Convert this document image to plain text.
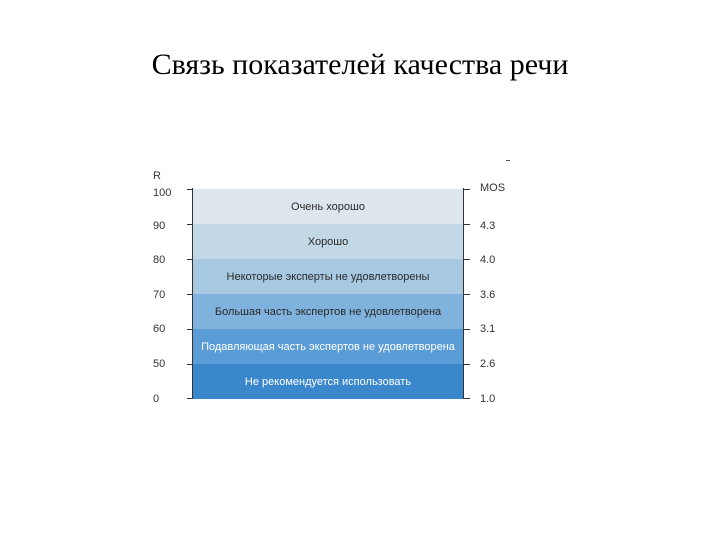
Связь показателей качества речи
R
MOS
100
90
80
70
60
50
0
4.3
4.0
3.6
3.1
2.6
1.0
Очень хорошо
Хорошо
Некоторые эксперты не удовлетворены
Большая часть экспертов не удовлетворена
Подавляющая часть экспертов не удовлетворена
Не рекомендуется использовать
